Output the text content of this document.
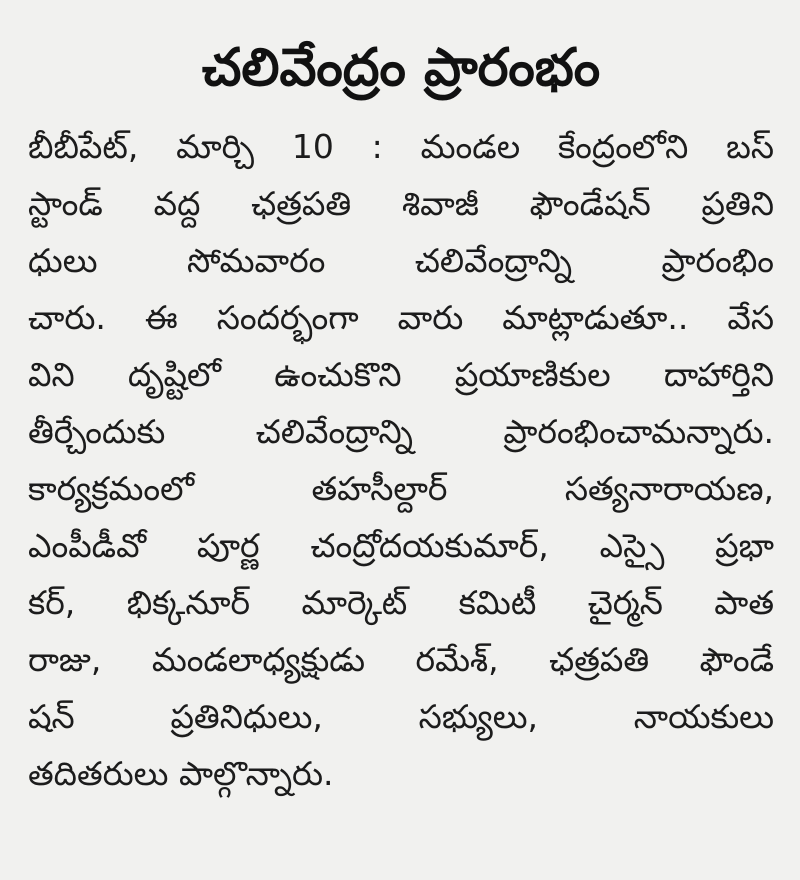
చలివేంద్రం ప్రారంభం
బీబీపేట్, మార్చి 10 : మండల కేంద్రంలోని బస్
స్టాండ్ వద్ద ఛత్రపతి శివాజీ ఫౌండేషన్ ప్రతిని
ధులు సోమవారం చలివేంద్రాన్ని ప్రారంభిం
చారు. ఈ సందర్భంగా వారు మాట్లాడుతూ.. వేస
విని దృష్టిలో ఉంచుకొని ప్రయాణికుల దాహార్తిని
తీర్చేందుకు చలివేంద్రాన్ని ప్రారంభించామన్నారు.
కార్యక్రమంలో తహసీల్దార్ సత్యనారాయణ,
ఎంపీడీవో పూర్ణ చంద్రోదయకుమార్, ఎస్సై ప్రభా
కర్, భిక్కనూర్ మార్కెట్ కమిటీ చైర్మన్ పాత
రాజు, మండలాధ్యక్షుడు రమేశ్, ఛత్రపతి ఫౌండే
షన్ ప్రతినిధులు, సభ్యులు, నాయకులు
తదితరులు పాల్గొన్నారు.
